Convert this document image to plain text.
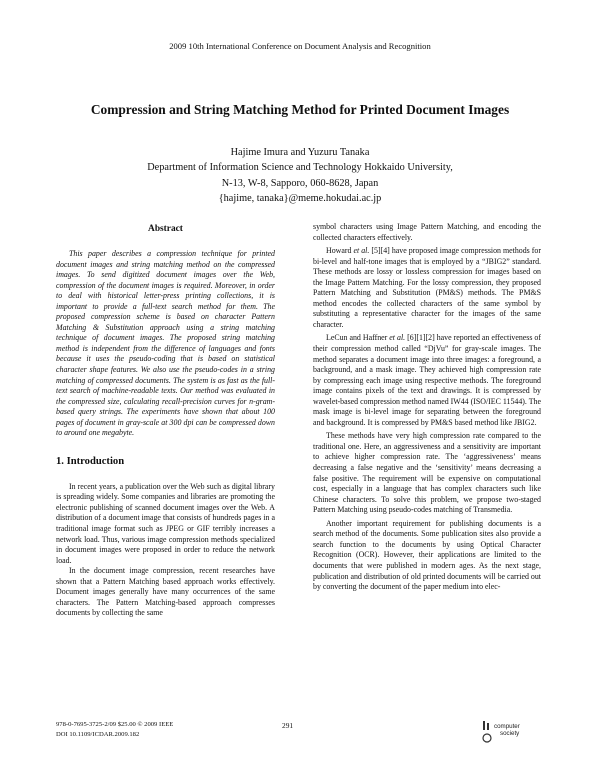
2009 10th International Conference on Document Analysis and Recognition
Compression and String Matching Method for Printed Document Images
Hajime Imura and Yuzuru Tanaka
Department of Information Science and Technology Hokkaido University,
N-13, W-8, Sapporo, 060-8628, Japan
{hajime, tanaka}@meme.hokudai.ac.jp
Abstract

This paper describes a compression technique for printed document images and string matching method on the compressed images. To send digitized document images over the Web, compression of the document images is required. Moreover, in order to deal with historical letter-press printing collections, it is important to provide a full-text search method for them. The proposed compression scheme is based on character Pattern Matching & Substitution approach using a string matching technique of document images. The proposed string matching method is independent from the difference of languages and fonts because it uses the pseudo-coding that is based on statistical character shape features. We also use the pseudo-codes in a string matching of compressed documents. The system is as fast as the full-text search of machine-readable texts. Our method was evaluated in the compressed size, calculating recall-precision curves for n-gram-based query strings. The experiments have shown that about 100 pages of document in gray-scale at 300 dpi can be compressed down to around one megabyte.

1. Introduction

In recent years, a publication over the Web such as digital library is spreading widely. Some companies and libraries are promoting the electronic publishing of scanned document images over the Web. A distribution of a document image that consists of hundreds pages in a traditional image format such as JPEG or GIF terribly increases a network load. Thus, various image compression methods specialized in document images were proposed in order to reduce the network load.

In the document image compression, recent researches have shown that a Pattern Matching based approach works effectively. Document images generally have many occurrences of the same characters. The Pattern Matching-based approach compresses documents by collecting the same

symbol characters using Image Pattern Matching, and encoding the collected characters effectively.

Howard et al. [5][4] have proposed image compression methods for bi-level and half-tone images that is employed by a “JBIG2” standard. These methods are lossy or lossless compression for images based on the Image Pattern Matching. For the lossy compression, they proposed Pattern Matching and Substitution (PM&S) methods. The PM&S method encodes the collected characters of the same symbol by substituting a representative character for the images of the same character.

LeCun and Haffner et al. [6][1][2] have reported an effectiveness of their compression method called “DjVu” for gray-scale images. The method separates a document image into three images: a foreground, a background, and a mask image. They achieved high compression rate by compressing each image using respective methods. The foreground image contains pixels of the text and drawings. It is compressed by wavelet-based compression method named IW44 (ISO/IEC 11544). The mask image is bi-level image for separating between the foreground and background. It is compressed by PM&S based method like JBIG2.

These methods have very high compression rate compared to the traditional one. Here, an aggressiveness and a sensitivity are important to achieve higher compression rate. The ‘aggressiveness’ means decreasing a false negative and the ‘sensitivity’ means decreasing a false positive. The requirement will be expensive on computational cost, especially in a language that has complex characters such like Chinese characters. To solve this problem, we propose two-staged Pattern Matching using pseudo-codes matching of Transmedia.

Another important requirement for publishing documents is a search method of the documents. Some publication sites also provide a search function to the documents by using Optical Character Recognition (OCR). However, their applications are limited to the documents that were published in modern ages. As the next stage, publication and distribution of old printed documents will be carried out by converting the document of the paper medium into elec-

978-0-7695-3725-2/09 $25.00 © 2009 IEEE
DOI 10.1109/ICDAR.2009.182
291	computer
society
